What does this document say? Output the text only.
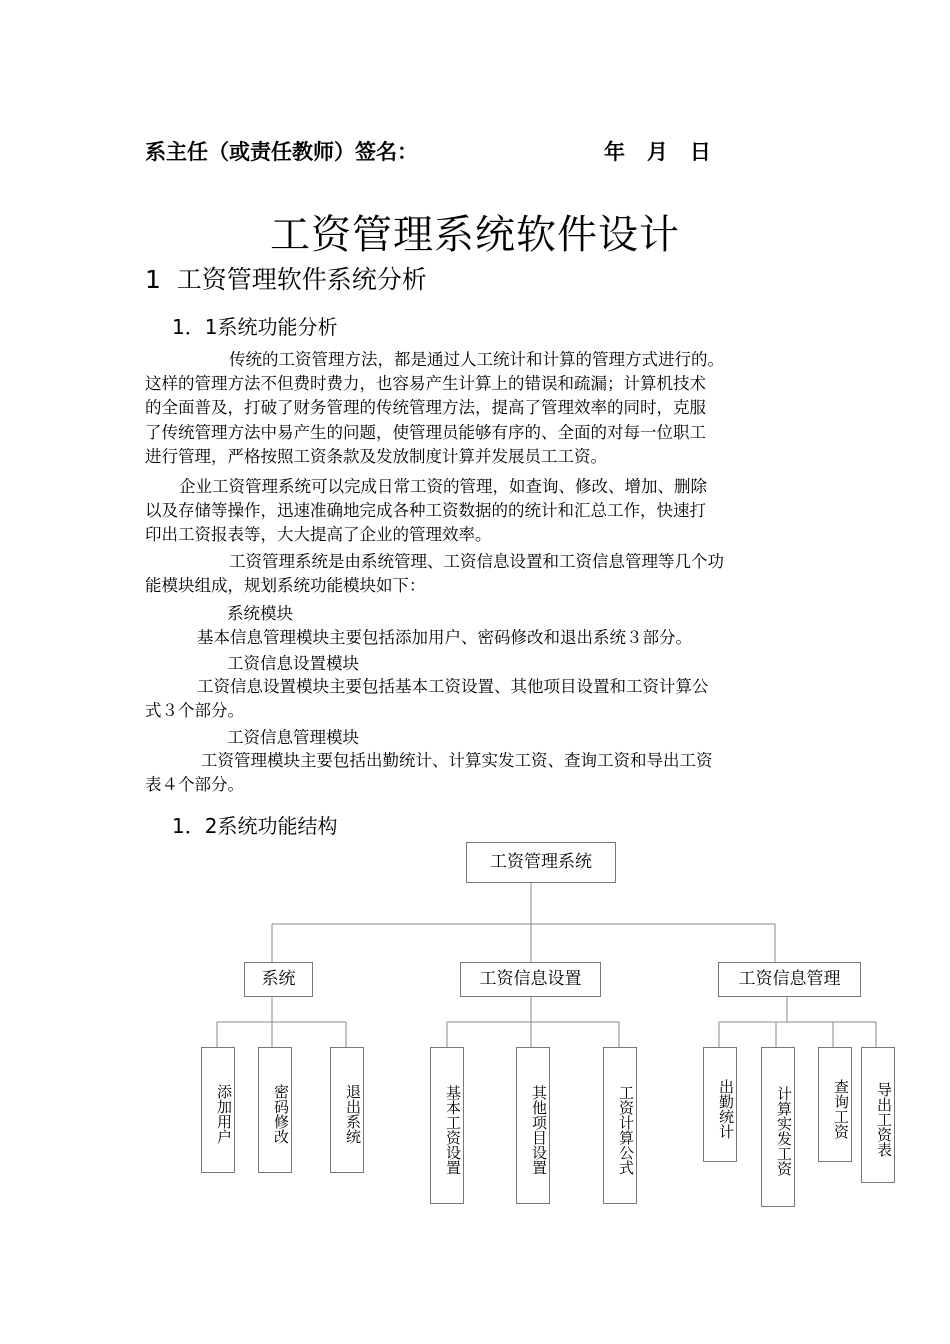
系主任（或责任教师）签名：	年   月   日
工资管理系统软件设计
1  工资管理软件系统分析
1．1系统功能分析
传统的工资管理方法，都是通过人工统计和计算的管理方式进行的。
这样的管理方法不但费时费力，也容易产生计算上的错误和疏漏；计算机技术
的全面普及，打破了财务管理的传统管理方法，提高了管理效率的同时，克服
了传统管理方法中易产生的问题，使管理员能够有序的、全面的对每一位职工
进行管理，严格按照工资条款及发放制度计算并发展员工工资。
企业工资管理系统可以完成日常工资的管理，如查询、修改、增加、删除
以及存储等操作，迅速准确地完成各种工资数据的的统计和汇总工作，快速打
印出工资报表等，大大提高了企业的管理效率。
工资管理系统是由系统管理、工资信息设置和工资信息管理等几个功
能模块组成，规划系统功能模块如下：
系统模块
基本信息管理模块主要包括添加用户、密码修改和退出系统３部分。
工资信息设置模块
工资信息设置模块主要包括基本工资设置、其他项目设置和工资计算公
式３个部分。
工资信息管理模块
工资管理模块主要包括出勤统计、计算实发工资、查询工资和导出工资
表４个部分。
1．2系统功能结构
工资管理系统
系统	工资信息设置	工资信息管理
添加用户	密码修改	退出系统	基本工资设置	其他项目设置	工资计算公式	出勤统计	计算实发工资	查询工资	导出工资表
